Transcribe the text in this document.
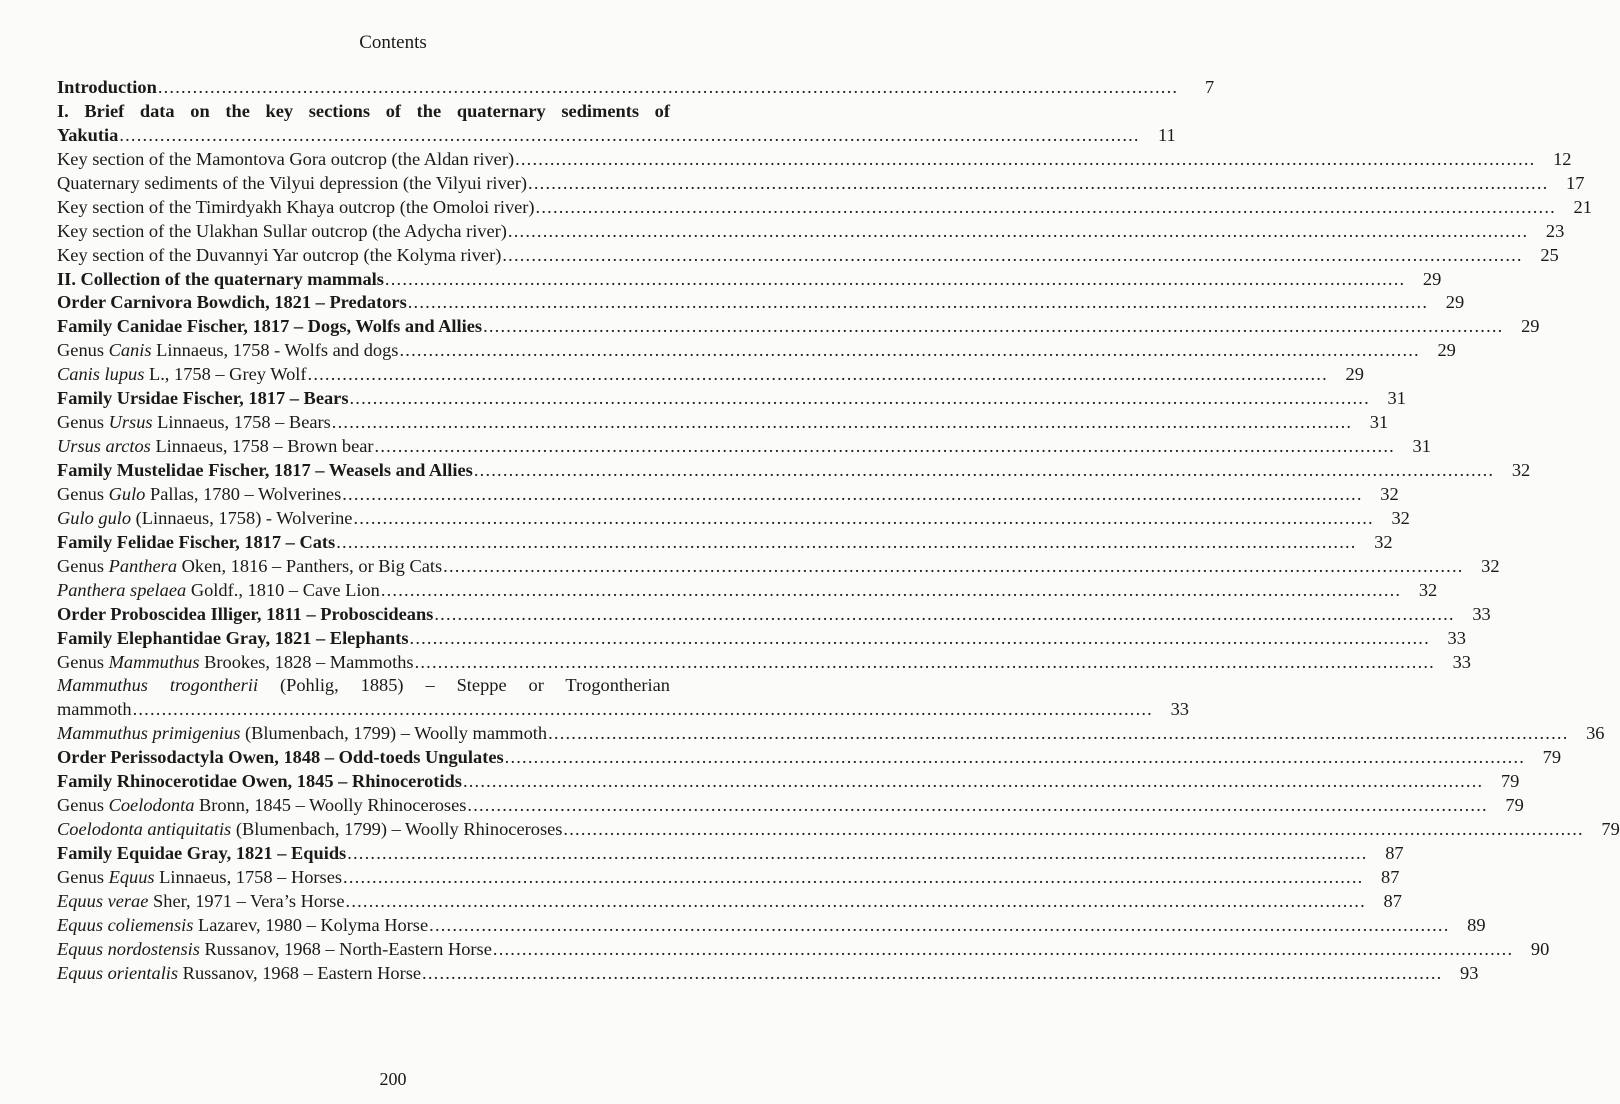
Contents
Introduction .....	7
I. Brief data on the key sections of the quaternary sediments of
Yakutia .....	11
Key section of the Mamontova Gora outcrop (the Aldan river) .....	12
Quaternary sediments of the Vilyui depression (the Vilyui river) .....	17
Key section of the Timirdyakh Khaya outcrop (the Omoloi river) .....	21
Key section of the Ulakhan Sullar outcrop (the Adycha river) .....	23
Key section of the Duvannyi Yar outcrop (the Kolyma river) .....	25
II. Collection of the quaternary mammals .....	29
Order Carnivora Bowdich, 1821 – Predators .....	29
Family Canidae Fischer, 1817 – Dogs, Wolfs and Allies .....	29
Genus Canis Linnaeus, 1758 - Wolfs and dogs .....	29
Canis lupus L., 1758 – Grey Wolf .....	29
Family Ursidae Fischer, 1817 – Bears .....	31
Genus Ursus Linnaeus, 1758 – Bears .....	31
Ursus arctos Linnaeus, 1758 – Brown bear .....	31
Family Mustelidae Fischer, 1817 – Weasels and Allies .....	32
Genus Gulo Pallas, 1780 – Wolverines .....	32
Gulo gulo (Linnaeus, 1758) - Wolverine .....	32
Family Felidae Fischer, 1817 – Cats .....	32
Genus Panthera Oken, 1816 – Panthers, or Big Cats .....	32
Panthera spelaea Goldf., 1810 – Cave Lion .....	32
Order Proboscidea Illiger, 1811 – Proboscideans .....	33
Family Elephantidae Gray, 1821 – Elephants .....	33
Genus Mammuthus Brookes, 1828 – Mammoths .....	33
Mammuthus trogontherii (Pohlig, 1885) – Steppe or Trogontherian
mammoth .....	33
Mammuthus primigenius (Blumenbach, 1799) – Woolly mammoth .....	36
Order Perissodactyla Owen, 1848 – Odd-toeds Ungulates .....	79
Family Rhinocerotidae Owen, 1845 – Rhinocerotids .....	79
Genus Coelodonta Bronn, 1845 – Woolly Rhinoceroses .....	79
Coelodonta antiquitatis (Blumenbach, 1799) – Woolly Rhinoceroses .....	79
Family Equidae Gray, 1821 – Equids .....	87
Genus Equus Linnaeus, 1758 – Horses .....	87
Equus verae Sher, 1971 – Vera’s Horse .....	87
Equus coliemensis Lazarev, 1980 – Kolyma Horse .....	89
Equus nordostensis Russanov, 1968 – North-Eastern Horse .....	90
Equus orientalis Russanov, 1968 – Eastern Horse .....	93
200
